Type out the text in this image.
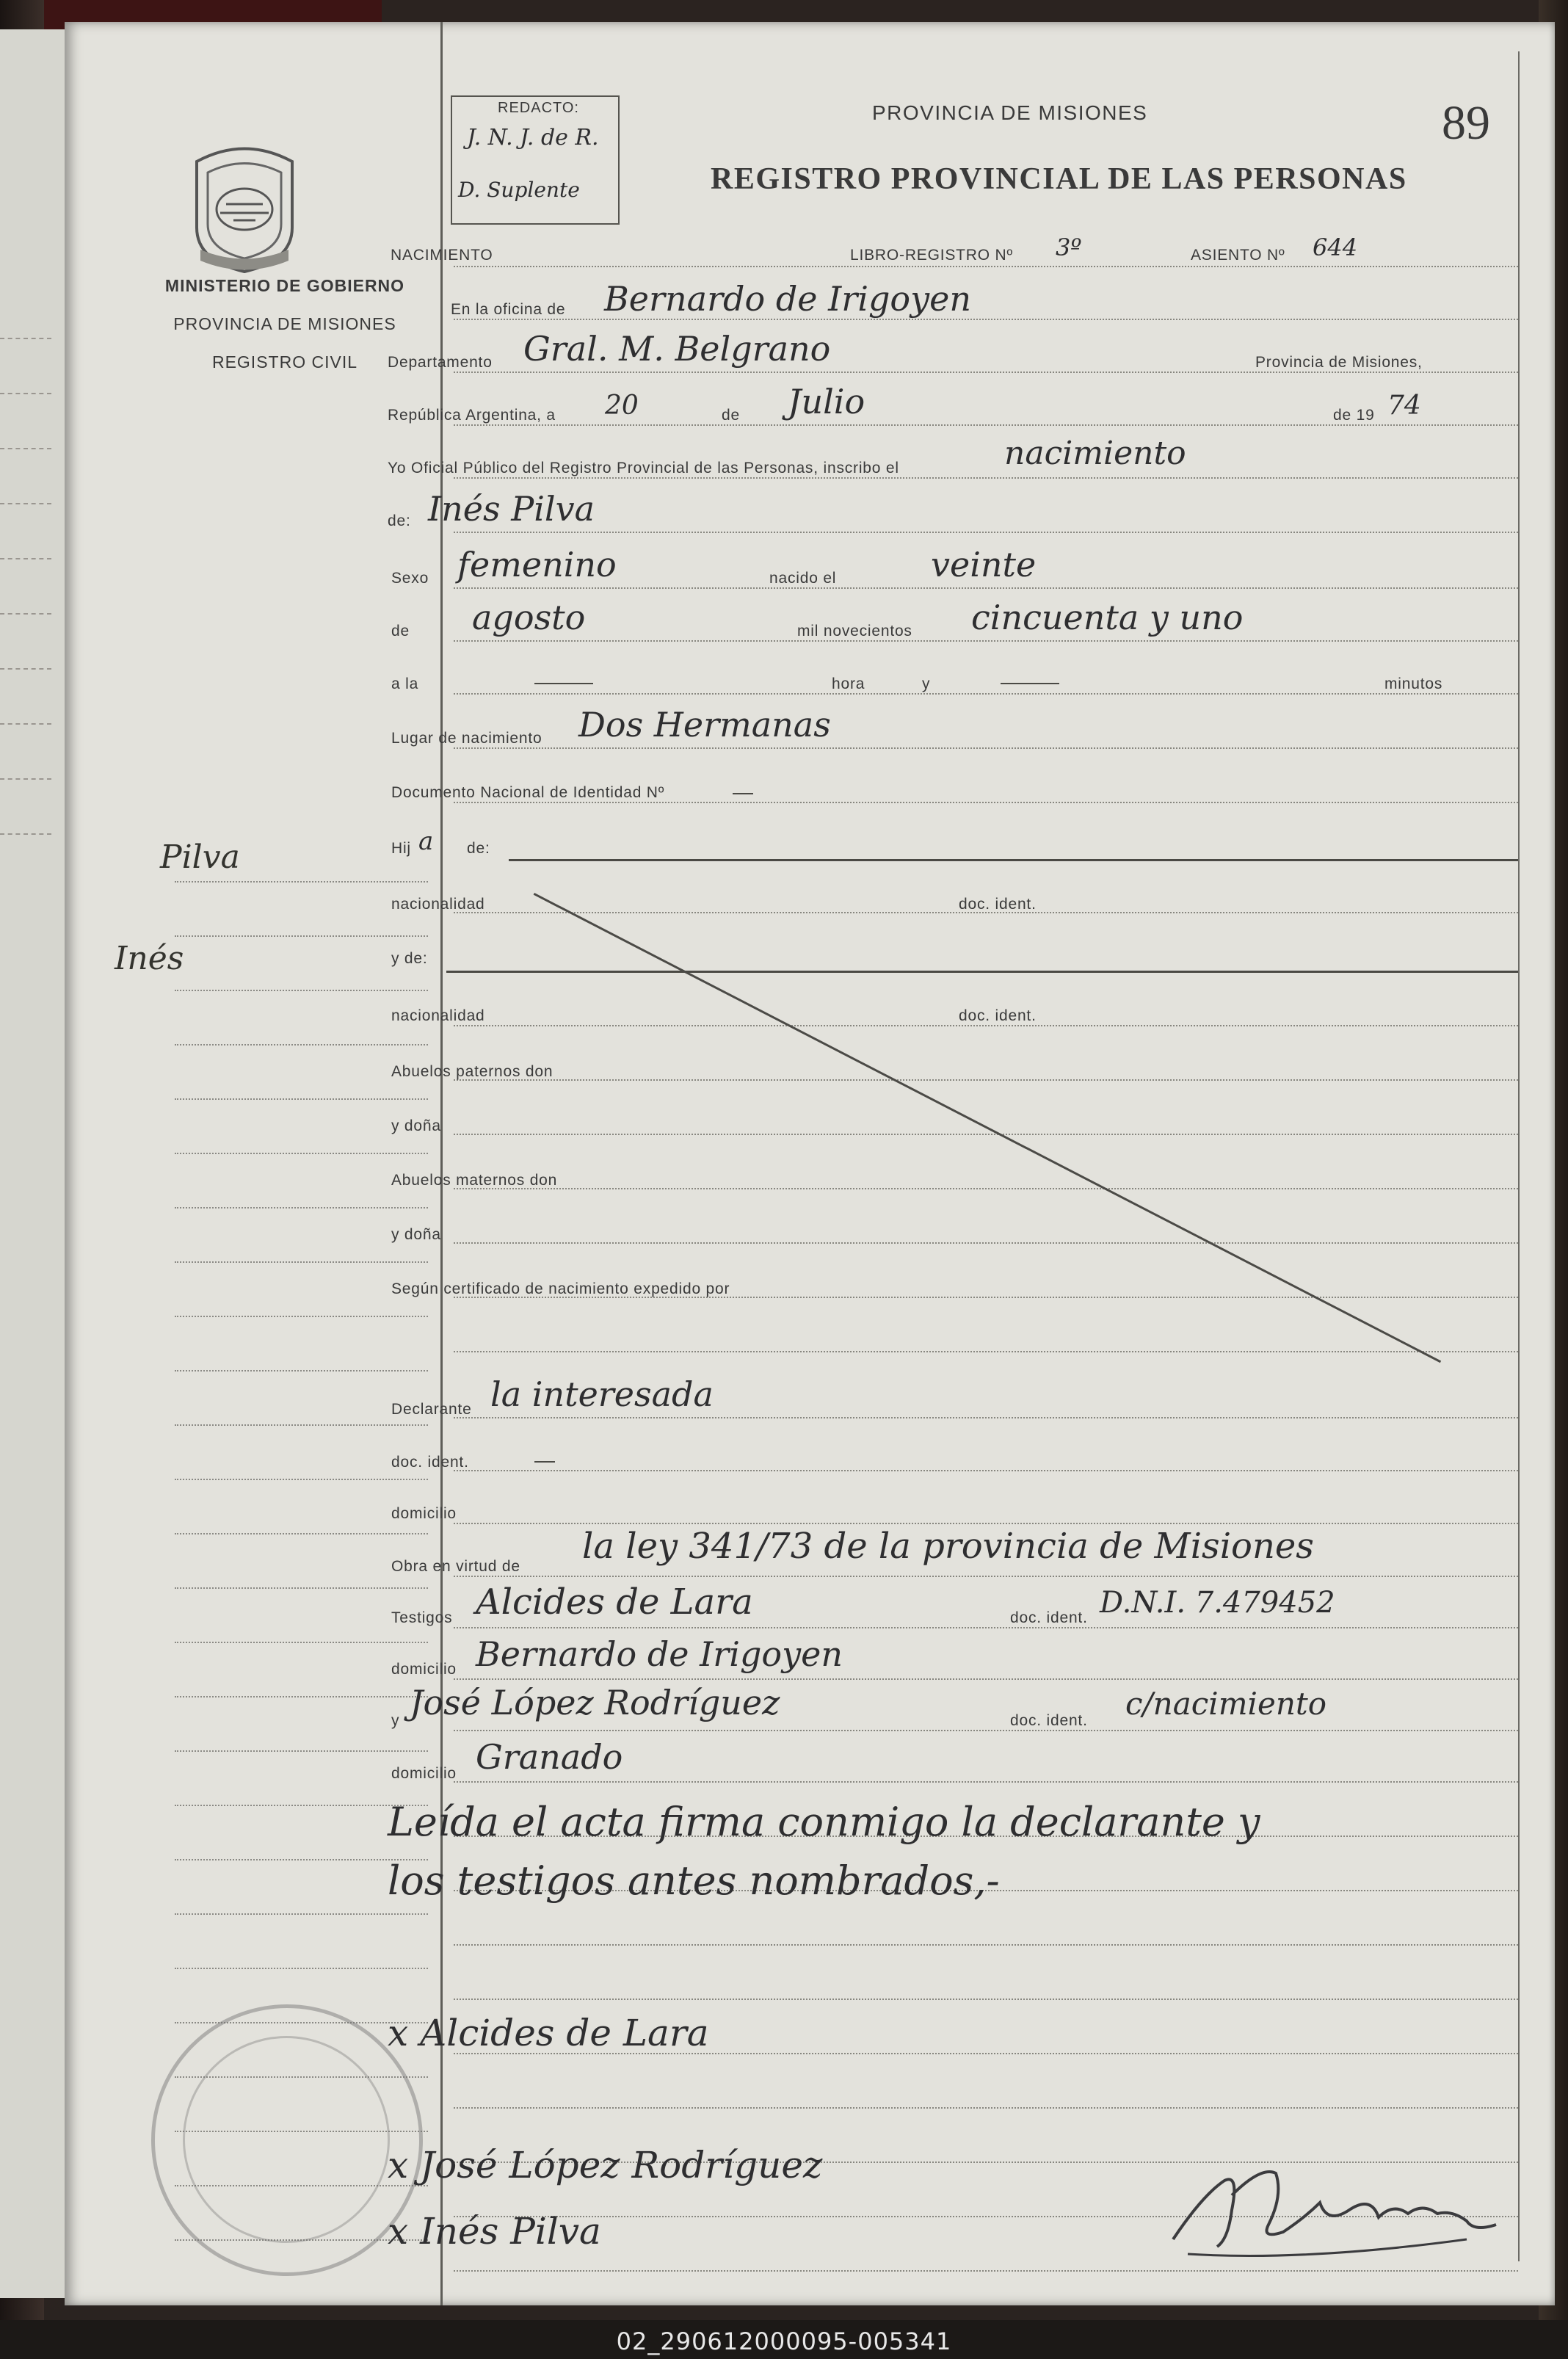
MINISTERIO DE GOBIERNO
PROVINCIA DE MISIONES
REGISTRO CIVIL
Pilva
Inés
REDACTO:
J. N. J. de R.
D. Suplente
PROVINCIA DE MISIONES
REGISTRO PROVINCIAL DE LAS PERSONAS
89
NACIMIENTO	LIBRO-REGISTRO Nº 3º	ASIENTO Nº 644
En la oficina de Bernardo de Irigoyen
Departamento Gral. M. Belgrano	Provincia de Misiones,
República Argentina, a 20	de Julio	de 19 74
Yo Oficial Público del Registro Provincial de las Personas, inscribo el	nacimiento
de: Inés Pilva
Sexo femenino	nacido el	veinte
de agosto	mil novecientos cincuenta y uno
a la	hora	y	minutos
Lugar de nacimiento Dos Hermanas
Documento Nacional de Identidad Nº
Hij a de:
nacionalidad	doc. ident.
y de:
nacionalidad	doc. ident.
Abuelos paternos don
y doña
Abuelos maternos don
y doña
Según certificado de nacimiento expedido por
Declarante la interesada
doc. ident.
domicilio
Obra en virtud de la ley 341/73 de la provincia de Misiones
Testigos Alcides de Lara	doc. ident. D.N.I. 7.479452
domicilio Bernardo de Irigoyen
y José López Rodríguez	doc. ident. c/nacimiento
domicilio Granado
Leída el acta firma conmigo la declarante y
los testigos antes nombrados,-
x Alcides de Lara
x José López Rodríguez
x Inés Pilva
02_290612000095-005341
